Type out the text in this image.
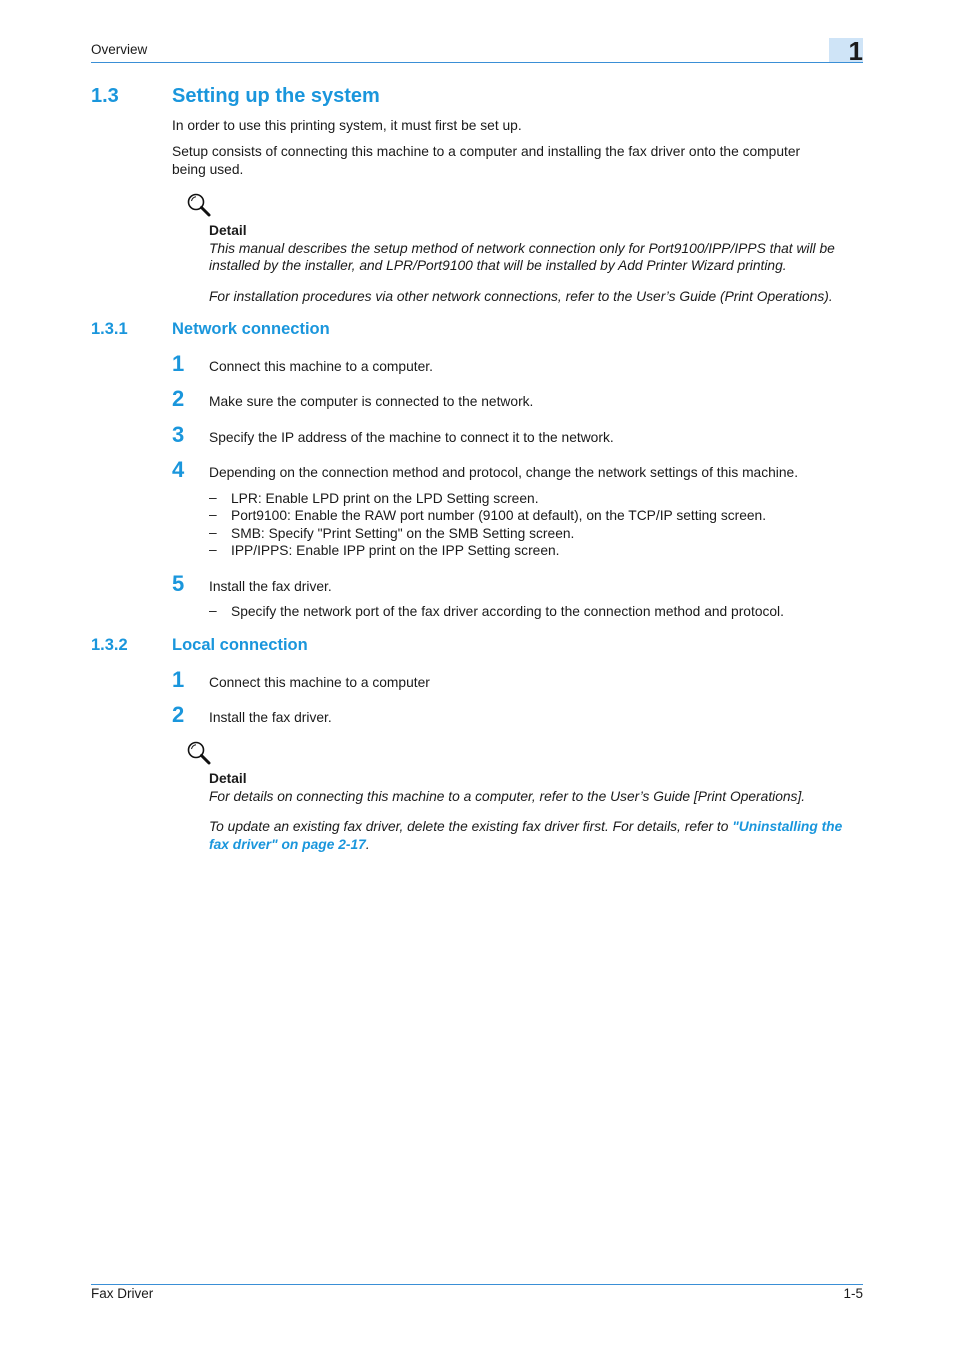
Overview	1
1.3	Setting up the system
In order to use this printing system, it must first be set up.
Setup consists of connecting this machine to a computer and installing the fax driver onto the computer
being used.
Detail
This manual describes the setup method of network connection only for Port9100/IPP/IPPS that will be
installed by the installer, and LPR/Port9100 that will be installed by Add Printer Wizard printing.
For installation procedures via other network connections, refer to the User’s Guide (Print Operations).
1.3.1	Network connection
1 Connect this machine to a computer.
2 Make sure the computer is connected to the network.
3 Specify the IP address of the machine to connect it to the network.
4 Depending on the connection method and protocol, change the network settings of this machine.
– LPR: Enable LPD print on the LPD Setting screen.
– Port9100: Enable the RAW port number (9100 at default), on the TCP/IP setting screen.
– SMB: Specify "Print Setting" on the SMB Setting screen.
– IPP/IPPS: Enable IPP print on the IPP Setting screen.
5 Install the fax driver.
– Specify the network port of the fax driver according to the connection method and protocol.
1.3.2	Local connection
1 Connect this machine to a computer
2 Install the fax driver.
Detail
For details on connecting this machine to a computer, refer to the User’s Guide [Print Operations].
To update an existing fax driver, delete the existing fax driver first. For details, refer to "Uninstalling the
fax driver" on page 2-17.
Fax Driver	1-5
